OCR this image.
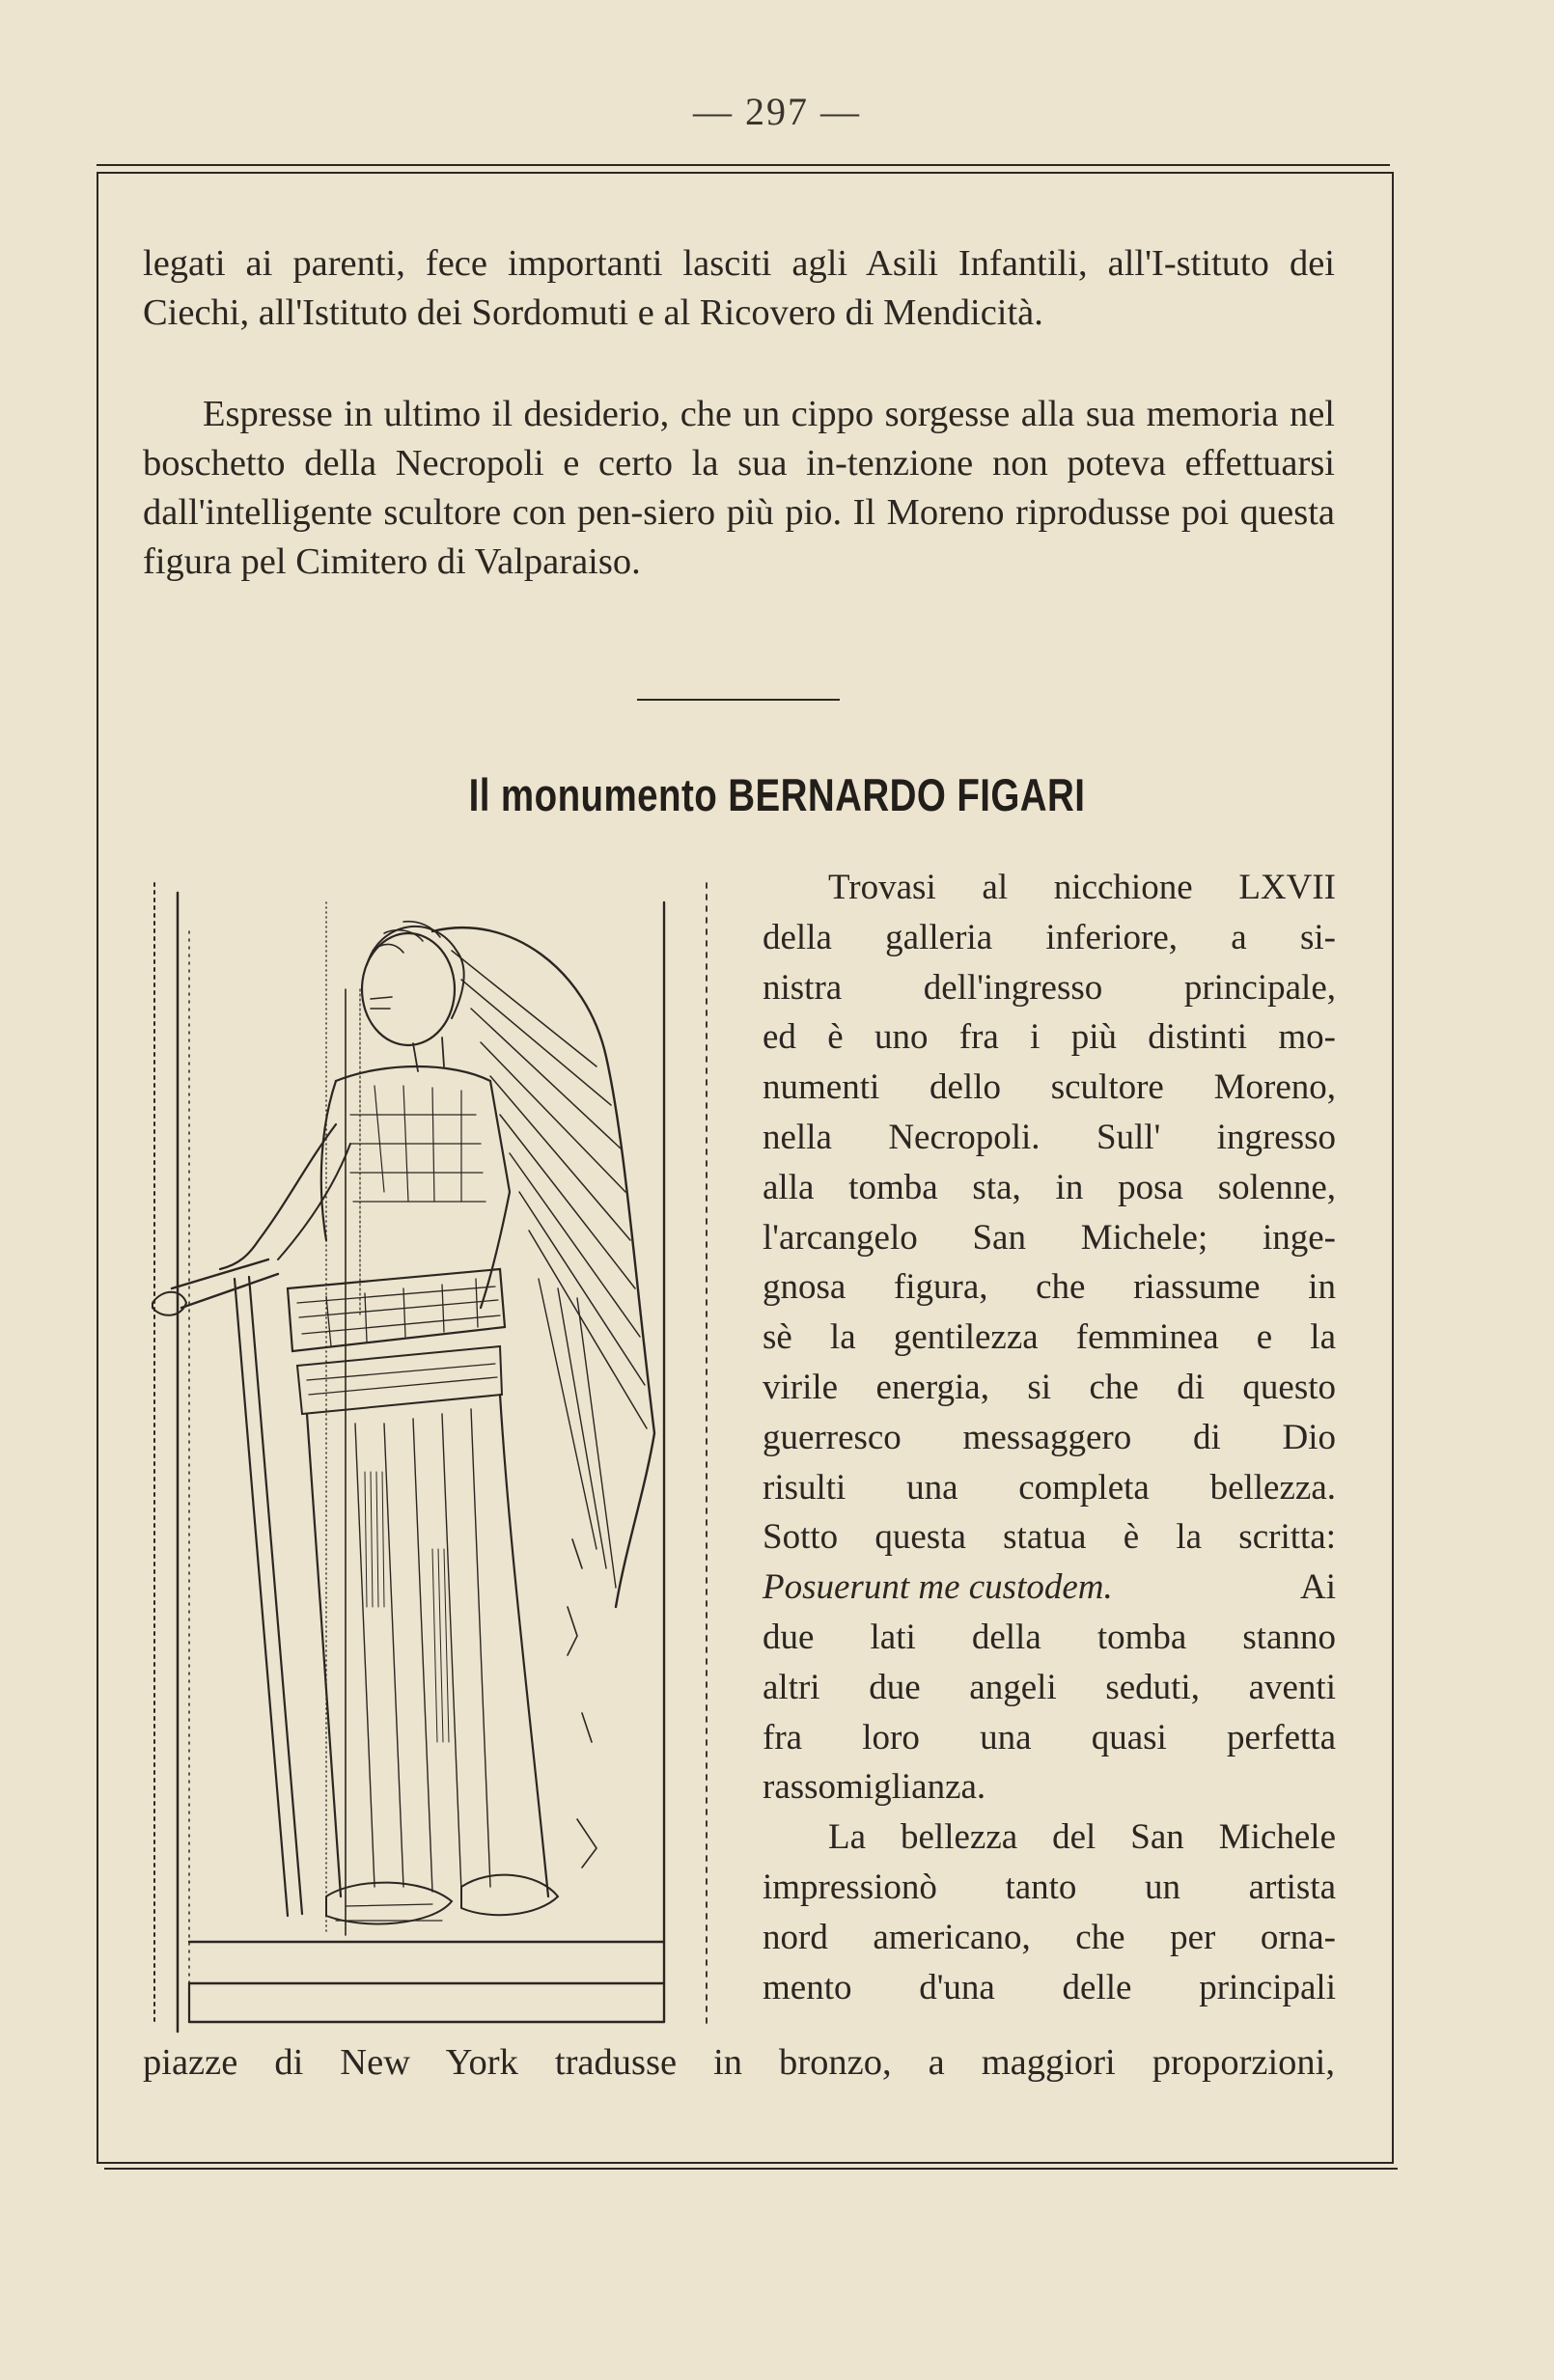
— 297 —
legati ai parenti, fece importanti lasciti agli Asili Infantili, all'I-stituto dei Ciechi, all'Istituto dei Sordomuti e al Ricovero di Mendicità.
Espresse in ultimo il desiderio, che un cippo sorgesse alla sua memoria nel boschetto della Necropoli e certo la sua in-tenzione non poteva effettuarsi dall'intelligente scultore con pen-siero più pio. Il Moreno riprodusse poi questa figura pel Cimitero di Valparaiso.
Il monumento BERNARDO FIGARI
Trovasi al nicchione LXVII
della galleria inferiore, a si-
nistra dell'ingresso principale,
ed è uno fra i più distinti mo-
numenti dello scultore Moreno,
nella Necropoli. Sull' ingresso
alla tomba sta, in posa solenne,
l'arcangelo San Michele; inge-
gnosa figura, che riassume in
sè la gentilezza femminea e la
virile energia, si che di questo
guerresco messaggero di Dio
risulti una completa bellezza.
Sotto questa statua è la scritta:
Posuerunt me custodem.	Ai
due lati della tomba stanno
altri due angeli seduti, aventi
fra loro una quasi perfetta
rassomiglianza.
La bellezza del San Michele
impressionò tanto un artista
nord americano, che per orna-
mento d'una delle principali
piazze di New York tradusse in bronzo, a maggiori proporzioni,
